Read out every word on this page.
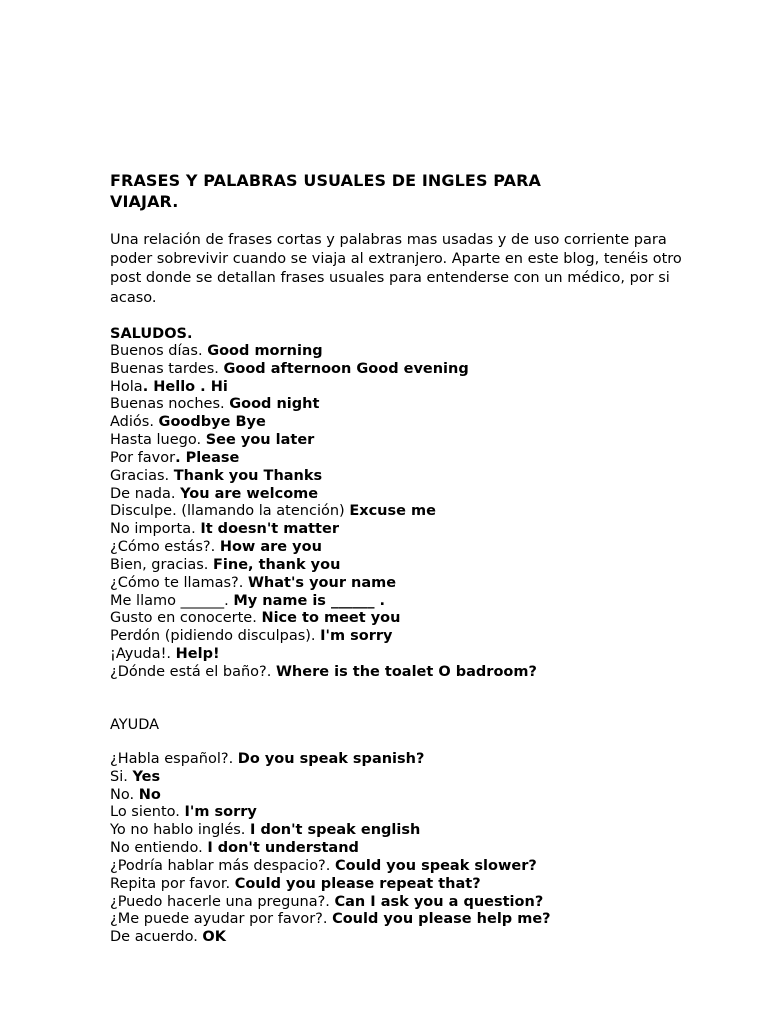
FRASES Y PALABRAS USUALES DE INGLES PARA
VIAJAR.
Una relación de frases cortas y palabras mas usadas y de uso corriente para poder sobrevivir cuando se viaja al extranjero. Aparte en este blog, tenéis otro post donde se detallan frases usuales para entenderse con un médico, por si acaso.
SALUDOS.
Buenos días. Good morning
Buenas tardes. Good afternoon Good evening
Hola. Hello . Hi
Buenas noches. Good night
Adiós. Goodbye Bye
Hasta luego. See you later
Por favor. Please
Gracias. Thank you Thanks
De nada. You are welcome
Disculpe. (llamando la atención) Excuse me
No importa. It doesn't matter
¿Cómo estás?. How are you
Bien, gracias. Fine, thank you
¿Cómo te llamas?. What's your name
Me llamo ______. My name is ______ .
Gusto en conocerte. Nice to meet you
Perdón (pidiendo disculpas). I'm sorry
¡Ayuda!. Help!
¿Dónde está el baño?. Where is the toalet O badroom?
AYUDA
¿Habla español?. Do you speak spanish?
Si. Yes
No. No
Lo siento. I'm sorry
Yo no hablo inglés. I don't speak english
No entiendo. I don't understand
¿Podría hablar más despacio?. Could you speak slower?
Repita por favor. Could you please repeat that?
¿Puedo hacerle una preguna?. Can I ask you a question?
¿Me puede ayudar por favor?. Could you please help me?
De acuerdo. OK
